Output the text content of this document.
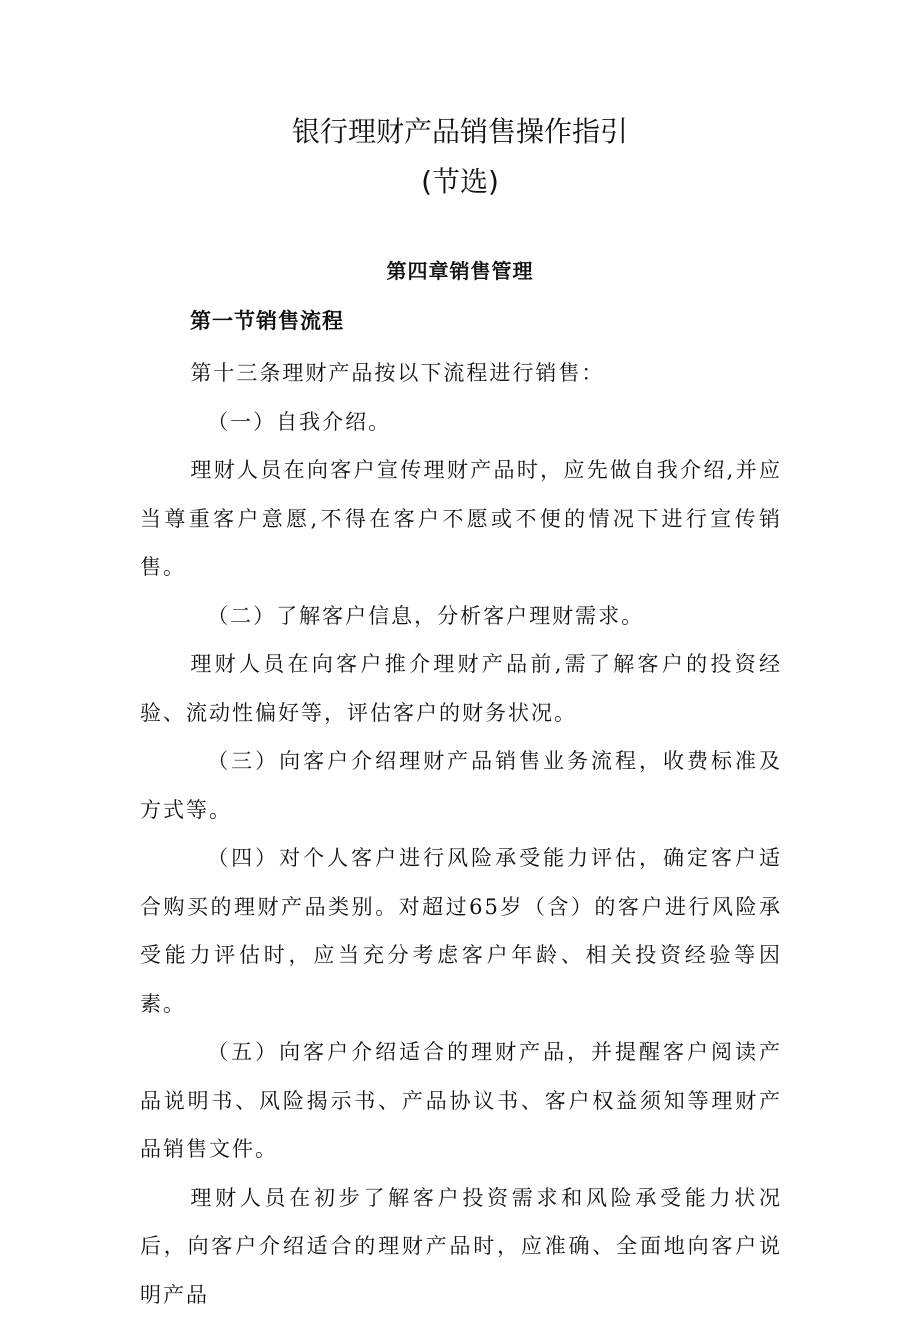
银行理财产品销售操作指引
(节选)
第四章销售管理
第一节销售流程

第十三条理财产品按以下流程进行销售：

（一）自我介绍。

理财人员在向客户宣传理财产品时，应先做自我介绍,并应当尊重客户意愿,不得在客户不愿或不便的情况下进行宣传销售。

（二）了解客户信息，分析客户理财需求。

理财人员在向客户推介理财产品前,需了解客户的投资经验、流动性偏好等，评估客户的财务状况。

（三）向客户介绍理财产品销售业务流程，收费标准及方式等。

（四）对个人客户进行风险承受能力评估，确定客户适合购买的理财产品类别。对超过65岁（含）的客户进行风险承受能力评估时，应当充分考虑客户年龄、相关投资经验等因素。

（五）向客户介绍适合的理财产品，并提醒客户阅读产品说明书、风险揭示书、产品协议书、客户权益须知等理财产品销售文件。

理财人员在初步了解客户投资需求和风险承受能力状况后，向客户介绍适合的理财产品时，应准确、全面地向客户说明产品
